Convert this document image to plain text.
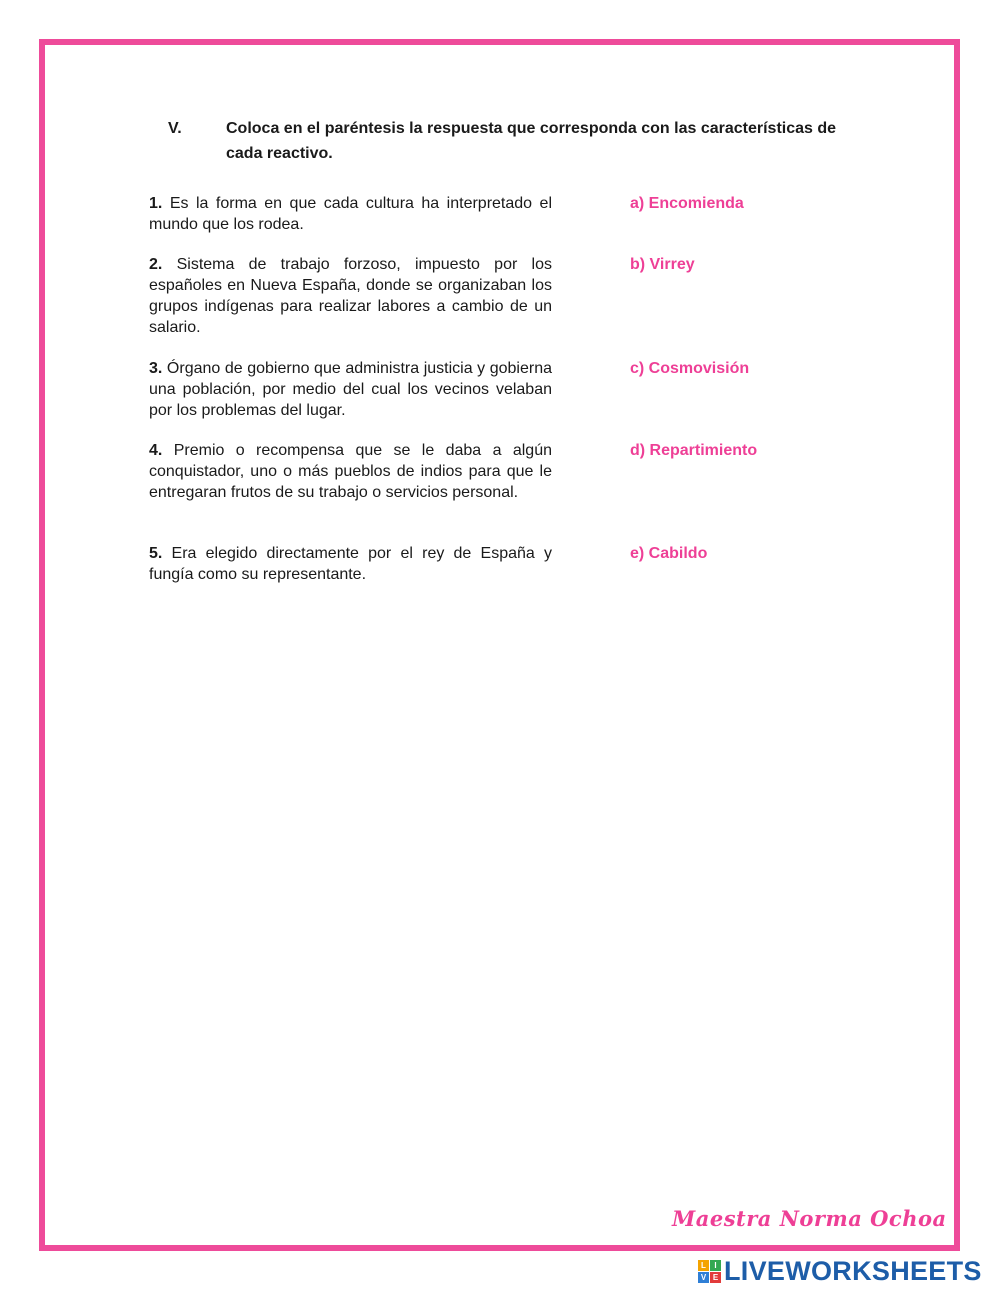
V.	Coloca en el paréntesis la respuesta que corresponda con las características de cada reactivo.
1. Es la forma en que cada cultura ha interpretado el mundo que los rodea.
2. Sistema de trabajo forzoso, impuesto por los españoles en Nueva España, donde se organizaban los grupos indígenas para realizar labores a cambio de un salario.
3. Órgano de gobierno que administra justicia y gobierna una población, por medio del cual los vecinos velaban por los problemas del lugar.
4. Premio o recompensa que se le daba a algún conquistador, uno o más pueblos de indios para que le entregaran frutos de su trabajo o servicios personal.
5. Era elegido directamente por el rey de España y fungía como su representante.
a) Encomienda
b) Virrey
c) Cosmovisión
d) Repartimiento
e) Cabildo
Maestra Norma Ochoa
L	I
V E LIVEWORKSHEETS
